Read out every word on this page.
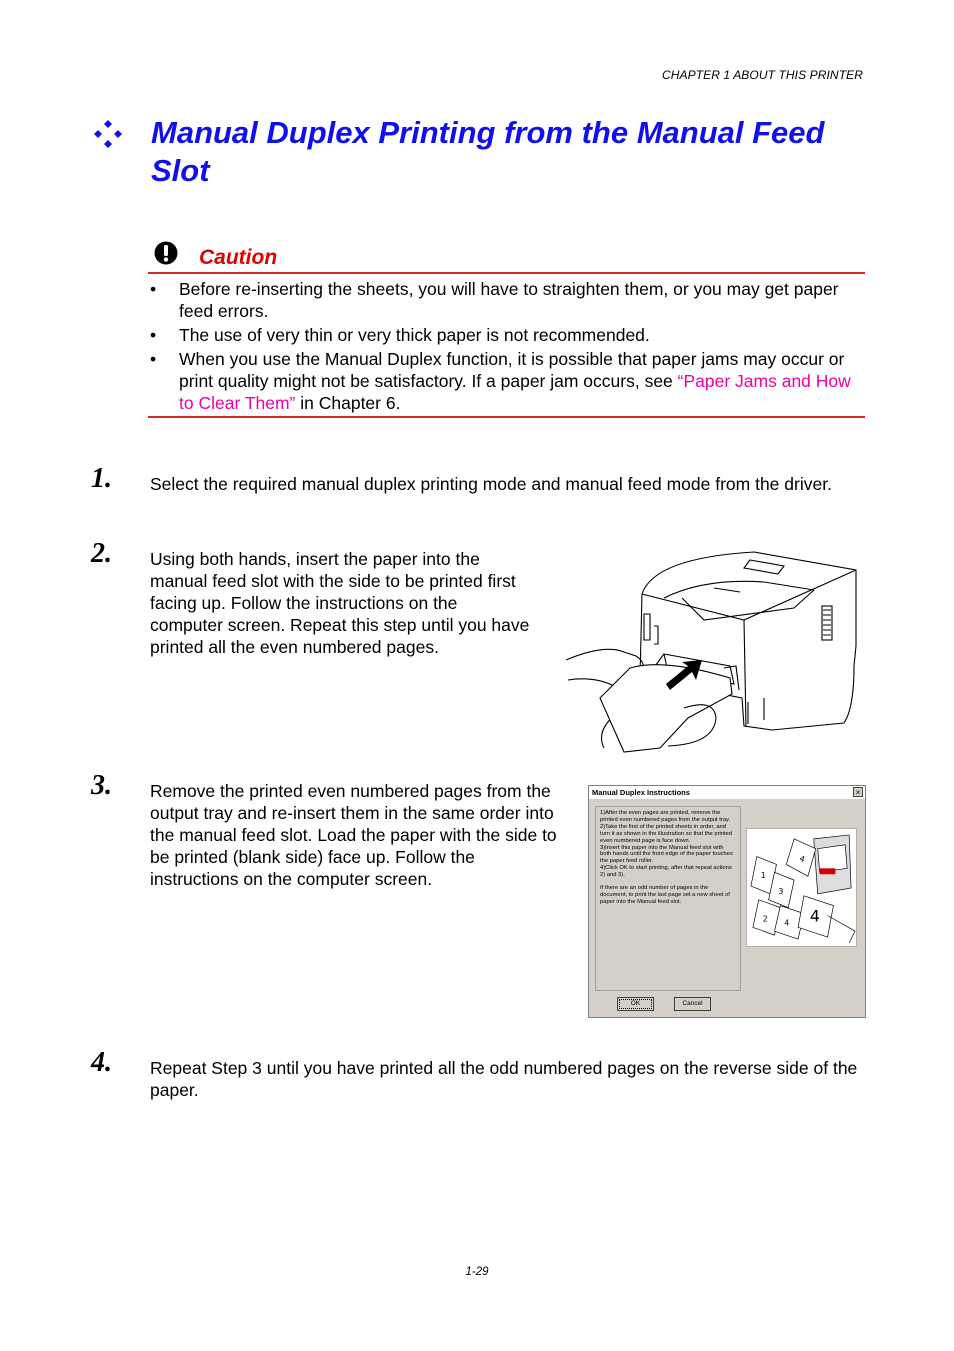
CHAPTER 1 ABOUT THIS PRINTER
Manual Duplex Printing from the Manual Feed Slot
Caution
• Before re-inserting the sheets, you will have to straighten them, or you may get paper feed errors.
• The use of very thin or very thick paper is not recommended.
• When you use the Manual Duplex function, it is possible that paper jams may occur or print quality might not be satisfactory. If a paper jam occurs, see “Paper Jams and How to Clear Them” in Chapter 6.
1. Select the required manual duplex printing mode and manual feed mode from the driver.
2. Using both hands, insert the paper into the manual feed slot with the side to be printed first facing up. Follow the instructions on the computer screen. Repeat this step until you have printed all the even numbered pages.
3. Remove the printed even numbered pages from the output tray and re-insert them in the same order into the manual feed slot. Load the paper with the side to be printed (blank side) face up. Follow the instructions on the computer screen.
Manual Duplex Instructions	×

1)After the even pages are printed, remove the printed even numbered pages from the output tray.
2)Take the first of the printed sheets in order, and turn it as shown in the illustration so that the printed even numbered page is face down.
3)Insert this paper into the Manual feed slot with both hands until the front edge of the paper touches the paper feed roller.
4)Click OK to start printing, after that repeat actions 2) and 3).

If there are an odd number of pages in the document, to print the last page set a new sheet of paper into the Manual feed slot.

4
1
3
2 4 4
OK	Cancel
4. Repeat Step 3 until you have printed all the odd numbered pages on the reverse side of the paper.
1-29
